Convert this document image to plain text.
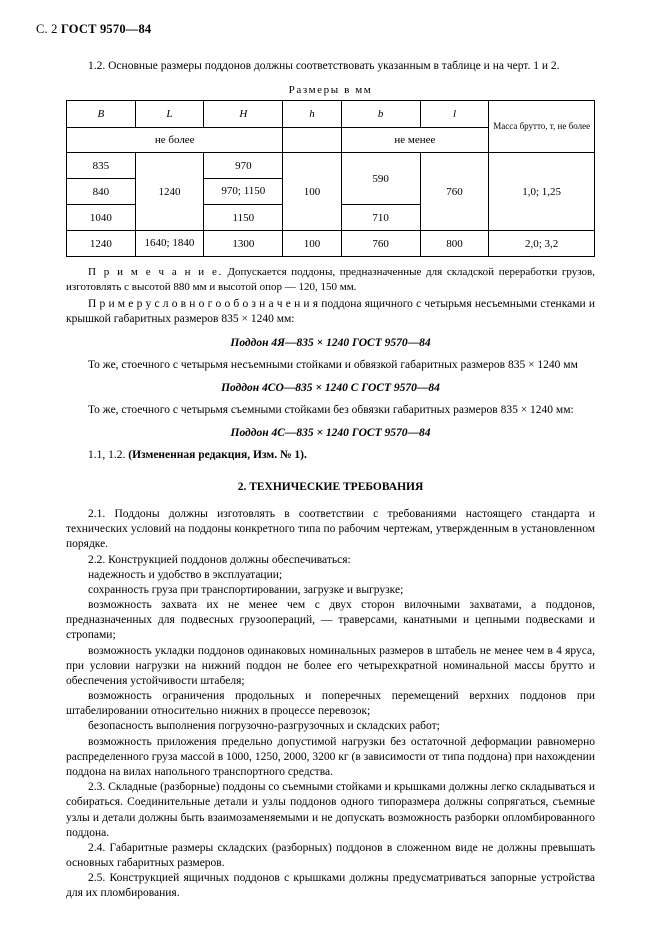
С. 2 ГОСТ 9570—84

1.2. Основные размеры поддонов должны соответствовать указанным в таблице и на черт. 1 и 2.

Размеры в мм
B	L	H	h	b	l	Масса брутто, т, не более
не более				не менее		
835	1240	970	100	590	760	1,0; 1,25
840		970; 1150				
1040		1150		710		
1240	1640; 1840	1300	100	760	800	2,0; 3,2

П р и м е ч а н и е. Допускается поддоны, предназначенные для складской переработки грузов, изготовлять с высотой 880 мм и высотой опор — 120, 150 мм.

П р и м е р у с л о в н о г о о б о з н а ч е н и я поддона ящичного с четырьмя несъемными стенками и крышкой габаритных размеров 835 × 1240 мм:

Поддон 4Я—835 × 1240 ГОСТ 9570—84

То же, стоечного с четырьмя несъемными стойками и обвязкой габаритных размеров 835 × 1240 мм

Поддон 4СО—835 × 1240 С ГОСТ 9570—84

То же, стоечного с четырьмя съемными стойками без обвязки габаритных размеров 835 × 1240 мм:

Поддон 4С—835 × 1240 ГОСТ 9570—84

1.1, 1.2. (Измененная редакция, Изм. № 1).

2. ТЕХНИЧЕСКИЕ ТРЕБОВАНИЯ

2.1. Поддоны должны изготовлять в соответствии с требованиями настоящего стандарта и технических условий на поддоны конкретного типа по рабочим чертежам, утвержденным в установленном порядке.

2.2. Конструкцией поддонов должны обеспечиваться:

надежность и удобство в эксплуатации;

сохранность груза при транспортировании, загрузке и выгрузке;

возможность захвата их не менее чем с двух сторон вилочными захватами, а поддонов, предназначенных для подвесных грузоопераций, — траверсами, канатными и цепными подвесками и стропами;

возможность укладки поддонов одинаковых номинальных размеров в штабель не менее чем в 4 яруса, при условии нагрузки на нижний поддон не более его четырехкратной номинальной массы брутто и обеспечения устойчивости штабеля;

возможность ограничения продольных и поперечных перемещений верхних поддонов при штабелировании относительно нижних в процессе перевозок;

безопасность выполнения погрузочно-разгрузочных и складских работ;

возможность приложения предельно допустимой нагрузки без остаточной деформации равномерно распределенного груза массой в 1000, 1250, 2000, 3200 кг (в зависимости от типа поддона) при нахождении поддона на вилах напольного транспортного средства.

2.3. Складные (разборные) поддоны со съемными стойками и крышками должны легко складываться и собираться. Соединительные детали и узлы поддонов одного типоразмера должны сопрягаться, съемные узлы и детали должны быть взаимозаменяемыми и не допускать возможность разборки опломбированного поддона.

2.4. Габаритные размеры складских (разборных) поддонов в сложенном виде не должны превышать основных габаритных размеров.

2.5. Конструкцией ящичных поддонов с крышками должны предусматриваться запорные устройства для их пломбирования.
